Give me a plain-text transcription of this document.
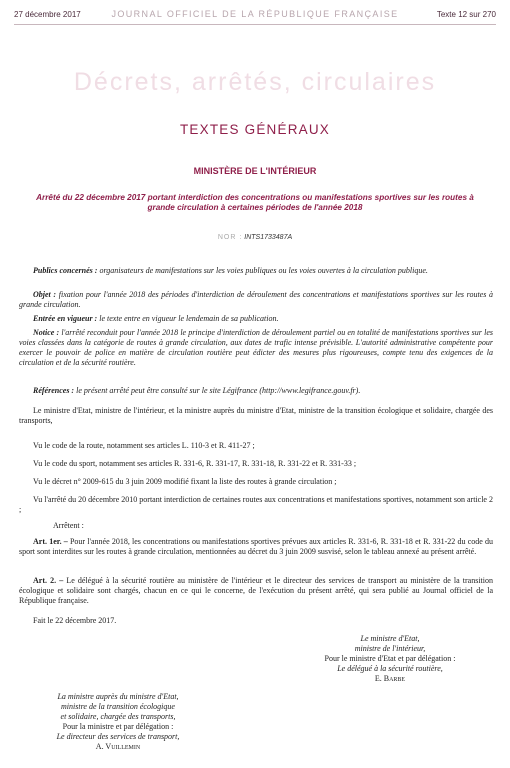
27 décembre 2017	JOURNAL OFFICIEL DE LA RÉPUBLIQUE FRANÇAISE	Texte 12 sur 270
Décrets, arrêtés, circulaires
TEXTES GÉNÉRAUX
MINISTÈRE DE L'INTÉRIEUR
Arrêté du 22 décembre 2017 portant interdiction des concentrations ou manifestations sportives sur les routes à grande circulation à certaines périodes de l'année 2018
NOR : INTS1733487A
Publics concernés : organisateurs de manifestations sur les voies publiques ou les voies ouvertes à la circulation publique.
Objet : fixation pour l'année 2018 des périodes d'interdiction de déroulement des concentrations et manifestations sportives sur les routes à grande circulation.
Entrée en vigueur : le texte entre en vigueur le lendemain de sa publication.
Notice : l'arrêté reconduit pour l'année 2018 le principe d'interdiction de déroulement partiel ou en totalité de manifestations sportives sur les voies classées dans la catégorie de routes à grande circulation, aux dates de trafic intense prévisible. L'autorité administrative compétente pour exercer le pouvoir de police en matière de circulation routière peut édicter des mesures plus rigoureuses, compte tenu des exigences de la circulation et de la sécurité routière.
Références : le présent arrêté peut être consulté sur le site Légifrance (http://www.legifrance.gouv.fr).
Le ministre d'Etat, ministre de l'intérieur, et la ministre auprès du ministre d'Etat, ministre de la transition écologique et solidaire, chargée des transports,
Vu le code de la route, notamment ses articles L. 110-3 et R. 411-27 ;
Vu le code du sport, notamment ses articles R. 331-6, R. 331-17, R. 331-18, R. 331-22 et R. 331-33 ;
Vu le décret n° 2009-615 du 3 juin 2009 modifié fixant la liste des routes à grande circulation ;
Vu l'arrêté du 20 décembre 2010 portant interdiction de certaines routes aux concentrations et manifestations sportives, notamment son article 2 ;
Arrêtent :
Art. 1er. – Pour l'année 2018, les concentrations ou manifestations sportives prévues aux articles R. 331-6, R. 331-18 et R. 331-22 du code du sport sont interdites sur les routes à grande circulation, mentionnées au décret du 3 juin 2009 susvisé, selon le tableau annexé au présent arrêté.
Art. 2. – Le délégué à la sécurité routière au ministère de l'intérieur et le directeur des services de transport au ministère de la transition écologique et solidaire sont chargés, chacun en ce qui le concerne, de l'exécution du présent arrêté, qui sera publié au Journal officiel de la République française.
Fait le 22 décembre 2017.
Le ministre d'Etat,
ministre de l'intérieur,
Pour le ministre d'Etat et par délégation :
Le délégué à la sécurité routière,
E. Barbe
La ministre auprès du ministre d'Etat,
ministre de la transition écologique
et solidaire, chargée des transports,
Pour la ministre et par délégation :
Le directeur des services de transport,
A. Vuillemin
